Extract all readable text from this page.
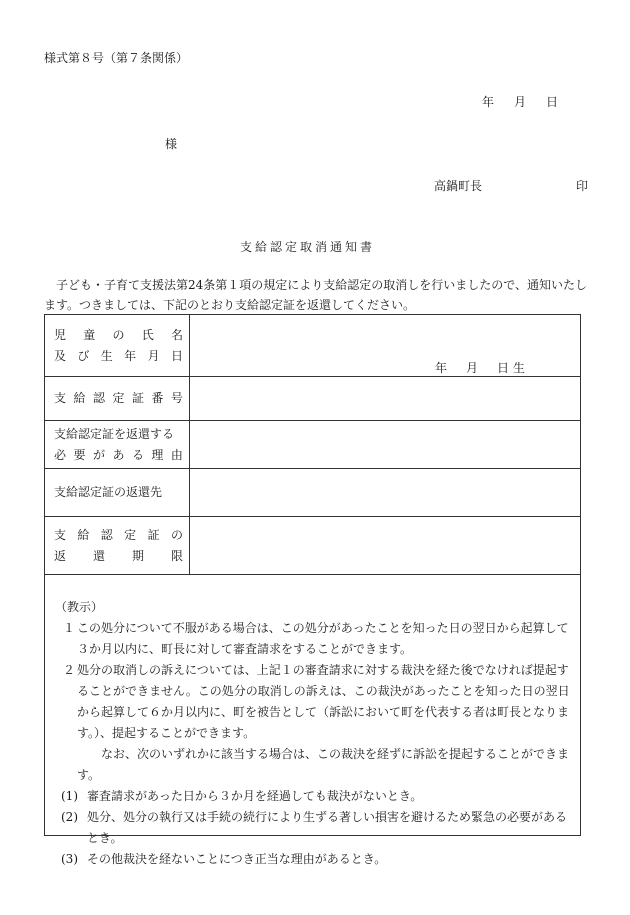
様式第８号（第７条関係）
年 月 日
様
高鍋町長	印
支給認定取消通知書
子ども・子育て支援法第24条第１項の規定により支給認定の取消しを行いましたので、通知いたします。つきましては、下記のとおり支給認定証を返還してください。
児 童 の 氏 名
及 び 生 年 月 日
年 月 日 生
支 給 認 定 証 番 号
支給認定証を返還する
必 要 が あ る 理 由
支給認定証の返還先
支 給 認 定 証 の
返 還 期 限
（教示）
１ この処分について不服がある場合は、この処分があったことを知った日の翌日から起算して３か月以内に、町長に対して審査請求をすることができます。
２ 処分の取消しの訴えについては、上記１の審査請求に対する裁決を経た後でなければ提起することができません。この処分の取消しの訴えは、この裁決があったことを知った日の翌日から起算して６か月以内に、町を被告として（訴訟において町を代表する者は町長となります。）、提起することができます。
なお、次のいずれかに該当する場合は、この裁決を経ずに訴訟を提起することができます。
(1) 審査請求があった日から３か月を経過しても裁決がないとき。
(2) 処分、処分の執行又は手続の続行により生ずる著しい損害を避けるため緊急の必要があるとき。
(3) その他裁決を経ないことにつき正当な理由があるとき。
